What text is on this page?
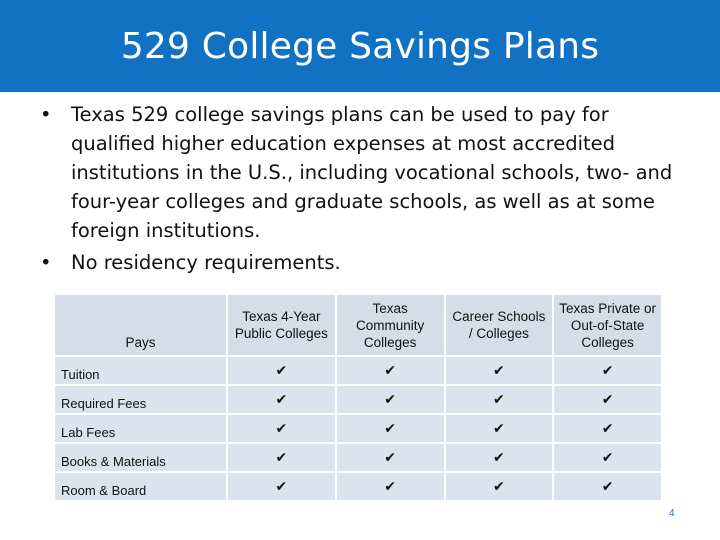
529 College Savings Plans
• Texas 529 college savings plans can be used to pay for qualified higher education expenses at most accredited institutions in the U.S., including vocational schools, two- and four-year colleges and graduate schools, as well as at some foreign institutions.
• No residency requirements.
Pays	Texas 4-Year Public Colleges	Texas Community Colleges	Career Schools / Colleges	Texas Private or Out-of-State Colleges
Tuition	✔	✔	✔	✔
Required Fees	✔	✔	✔	✔
Lab Fees	✔	✔	✔	✔
Books & Materials	✔	✔	✔	✔
Room & Board	✔	✔	✔	✔
4
